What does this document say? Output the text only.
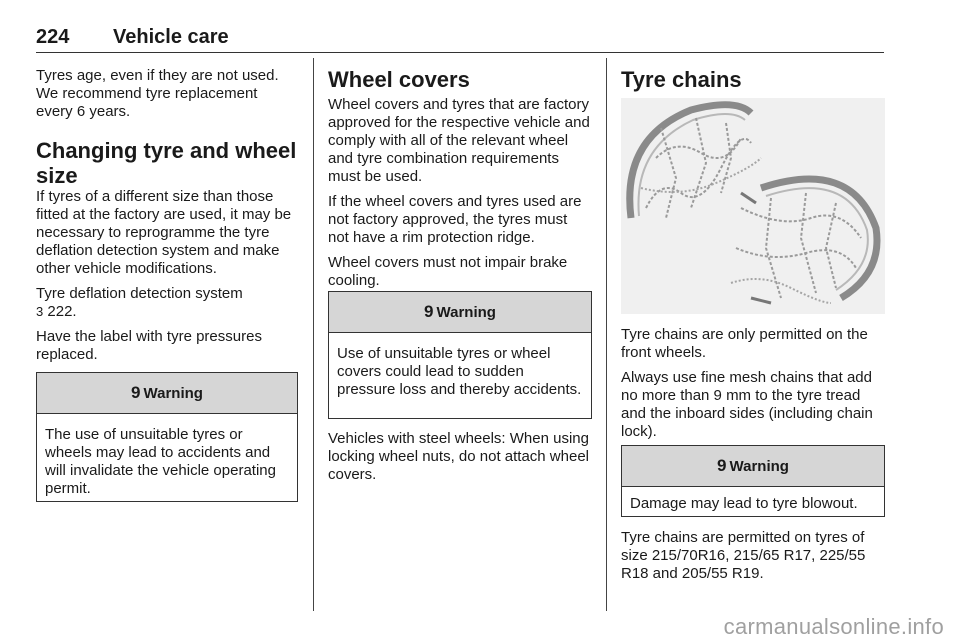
224 Vehicle care

Tyres age, even if they are not used. We recommend tyre replacement every 6 years.

Changing tyre and wheel size

If tyres of a different size than those fitted at the factory are used, it may be necessary to reprogramme the tyre deflation detection system and make other vehicle modifications.

Tyre deflation detection system
3 222.

Have the label with tyre pressures replaced.

9 Warning
The use of unsuitable tyres or wheels may lead to accidents and will invalidate the vehicle operating permit.
Wheel covers

Wheel covers and tyres that are factory approved for the respective vehicle and comply with all of the relevant wheel and tyre combination requirements must be used.

If the wheel covers and tyres used are not factory approved, the tyres must not have a rim protection ridge.

Wheel covers must not impair brake cooling.

9 Warning
Use of unsuitable tyres or wheel covers could lead to sudden pressure loss and thereby accidents.

Vehicles with steel wheels: When using locking wheel nuts, do not attach wheel covers.

Tyre chains

Tyre chains are only permitted on the front wheels.

Always use fine mesh chains that add no more than 9 mm to the tyre tread and the inboard sides (including chain lock).

9 Warning
Damage may lead to tyre blowout.

Tyre chains are permitted on tyres of size 215/70R16, 215/65 R17, 225/55 R18 and 205/55 R19.

carmanualsonline.info
